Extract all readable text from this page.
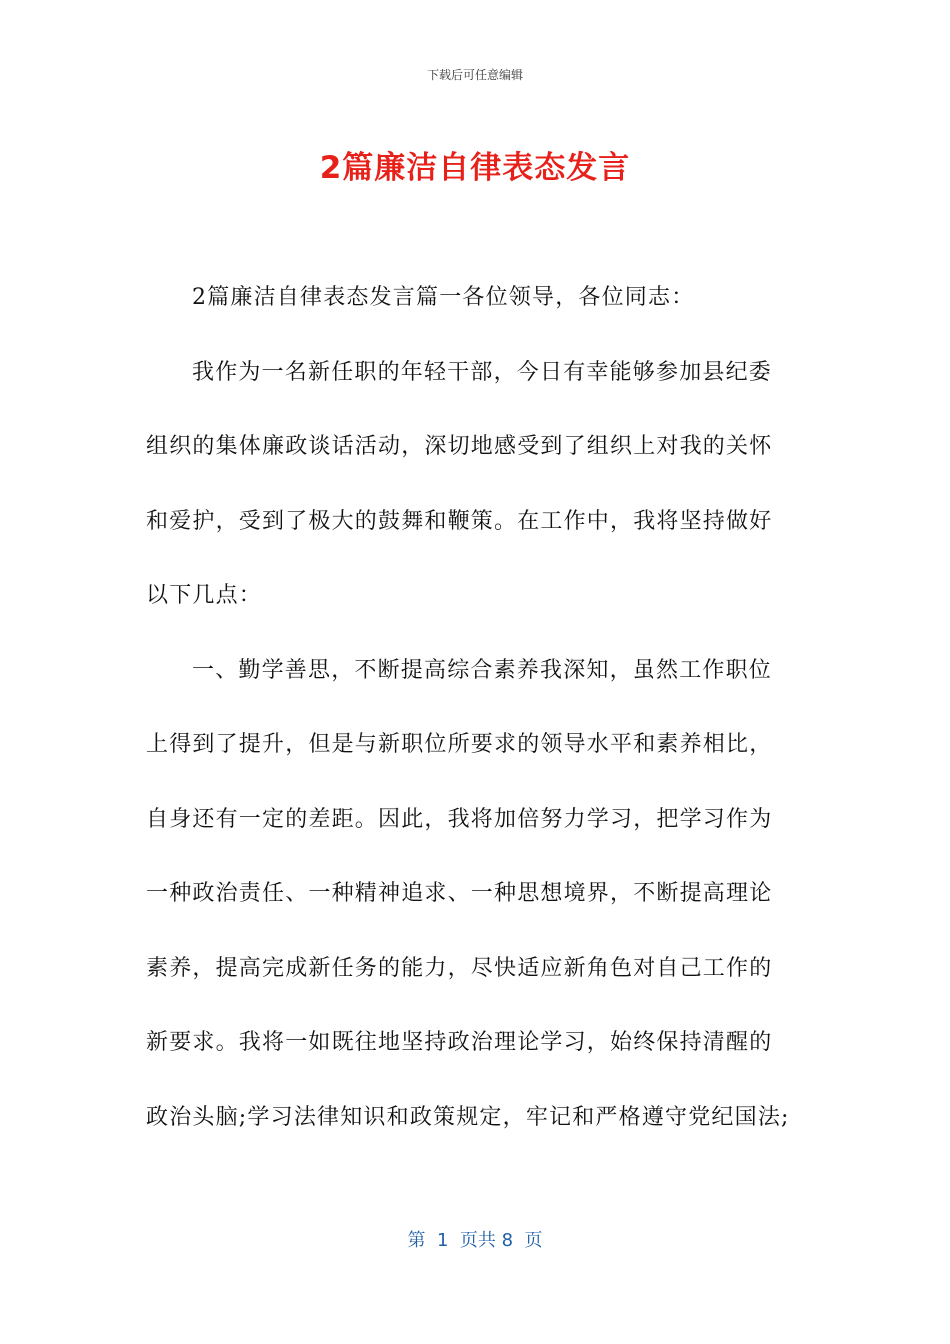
下载后可任意编辑
2篇廉洁自律表态发言
2篇廉洁自律表态发言篇一各位领导，各位同志：
我作为一名新任职的年轻干部，今日有幸能够参加县纪委
组织的集体廉政谈话活动，深切地感受到了组织上对我的关怀
和爱护，受到了极大的鼓舞和鞭策。在工作中，我将坚持做好
以下几点：
一、勤学善思，不断提高综合素养我深知，虽然工作职位
上得到了提升，但是与新职位所要求的领导水平和素养相比，
自身还有一定的差距。因此，我将加倍努力学习，把学习作为
一种政治责任、一种精神追求、一种思想境界，不断提高理论
素养，提高完成新任务的能力，尽快适应新角色对自己工作的
新要求。我将一如既往地坚持政治理论学习，始终保持清醒的
政治头脑;学习法律知识和政策规定，牢记和严格遵守党纪国法;
第  1  页共 8  页
